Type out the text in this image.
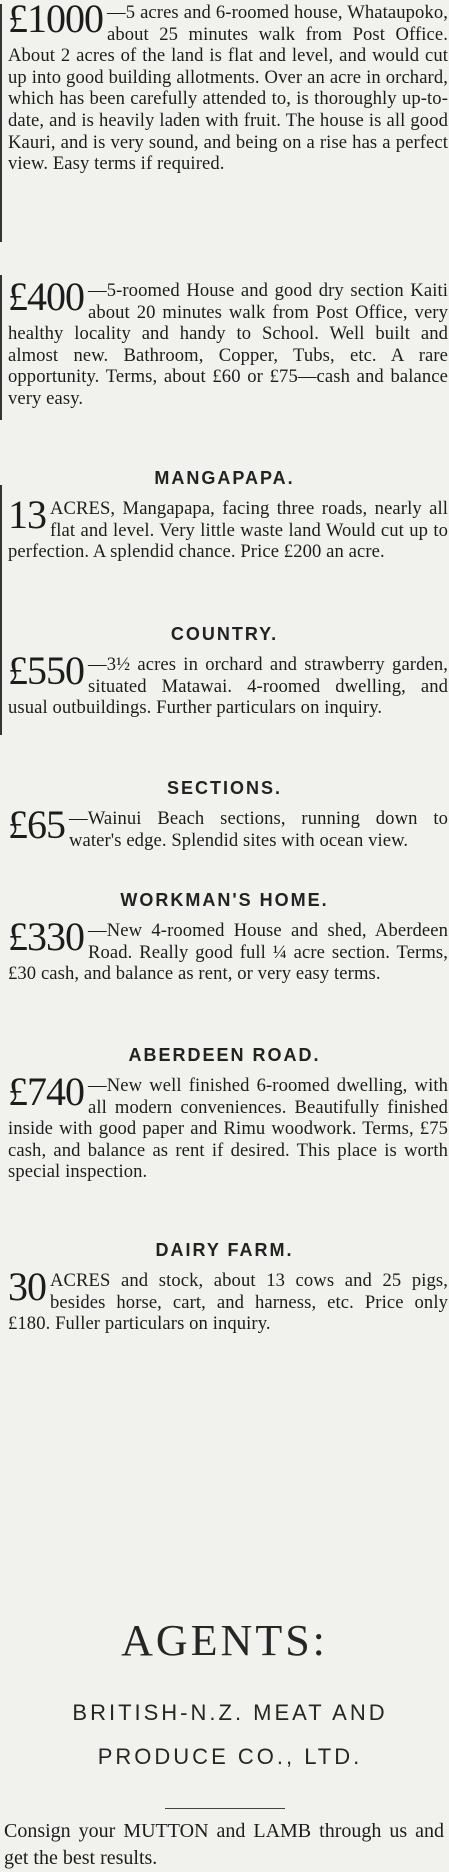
£1000 —5 acres and 6-roomed house, Whataupoko, about 25 minutes walk from Post Office. About 2 acres of the land is flat and level, and would cut up into good building allotments. Over an acre in orchard, which has been carefully attended to, is thoroughly up-to-date, and is heavily laden with fruit. The house is all good Kauri, and is very sound, and being on a rise has a perfect view. Easy terms if required.

£400 —5-roomed House and good dry section Kaiti about 20 minutes walk from Post Office, very healthy locality and handy to School. Well built and almost new. Bathroom, Copper, Tubs, etc. A rare opportunity. Terms, about £60 or £75—cash and balance very easy.

MANGAPAPA.

13 ACRES, Mangapapa, facing three roads, nearly all flat and level. Very little waste land Would cut up to perfection. A splendid chance. Price £200 an acre.

COUNTRY.

£550 —3½ acres in orchard and strawberry garden, situated Matawai. 4-roomed dwelling, and usual outbuildings. Further particulars on inquiry.

SECTIONS.

£65 —Wainui Beach sections, running down to water's edge. Splendid sites with ocean view.

WORKMAN'S HOME.

£330 —New 4-roomed House and shed, Aberdeen Road. Really good full ¼ acre section. Terms, £30 cash, and balance as rent, or very easy terms.

ABERDEEN ROAD.

£740 —New well finished 6-roomed dwelling, with all modern conveniences. Beautifully finished inside with good paper and Rimu woodwork. Terms, £75 cash, and balance as rent if desired. This place is worth special inspection.

DAIRY FARM.

30 ACRES and stock, about 13 cows and 25 pigs, besides horse, cart, and harness, etc. Price only £180. Fuller particulars on inquiry.

AGENTS:
BRITISH-N.Z. MEAT AND
PRODUCE CO., LTD.

Consign your MUTTON and LAMB through us and get the best results.
